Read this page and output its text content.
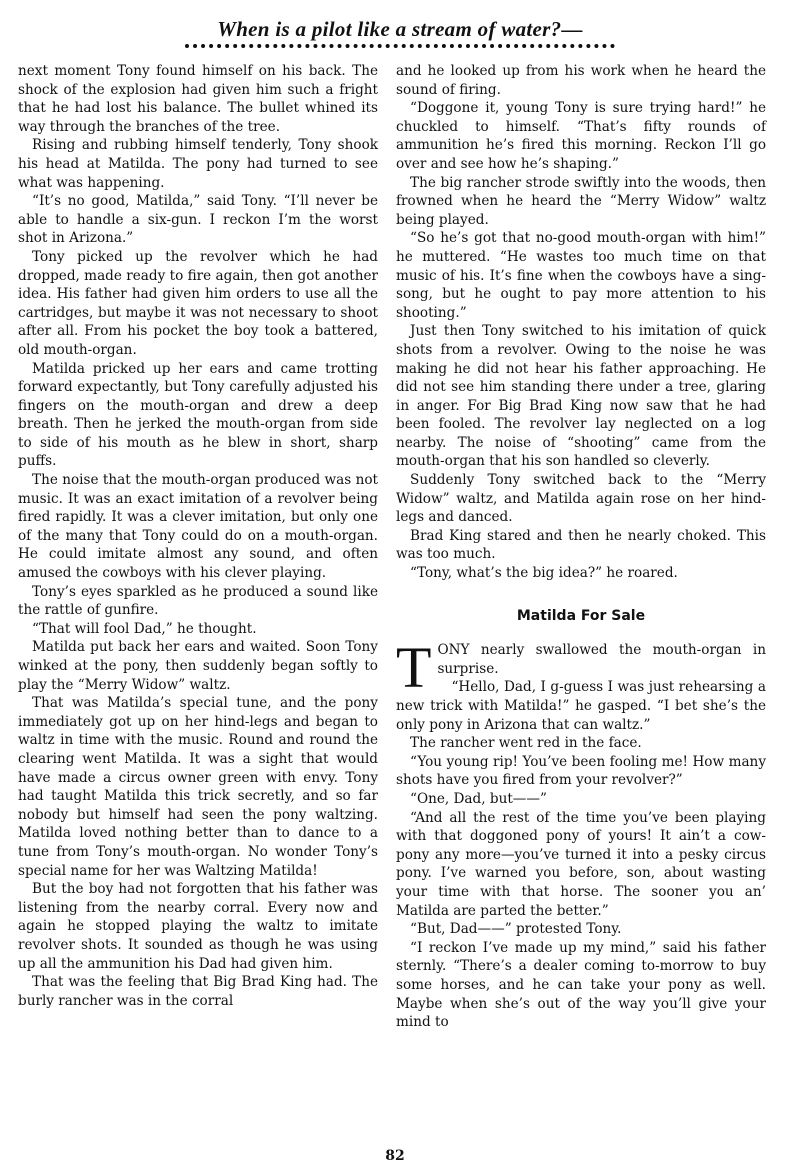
When is a pilot like a stream of water?—

next moment Tony found himself on his back. The shock of the explosion had given him such a fright that he had lost his balance. The bullet whined its way through the branches of the tree.

Rising and rubbing himself tenderly, Tony shook his head at Matilda. The pony had turned to see what was happening.

“It’s no good, Matilda,” said Tony. “I’ll never be able to handle a six-gun. I reckon I’m the worst shot in Arizona.”

Tony picked up the revolver which he had dropped, made ready to fire again, then got another idea. His father had given him orders to use all the cartridges, but maybe it was not necessary to shoot after all. From his pocket the boy took a battered, old mouth-organ.

Matilda pricked up her ears and came trotting forward expectantly, but Tony carefully adjusted his fingers on the mouth-organ and drew a deep breath. Then he jerked the mouth-organ from side to side of his mouth as he blew in short, sharp puffs.

The noise that the mouth-organ produced was not music. It was an exact imitation of a revolver being fired rapidly. It was a clever imitation, but only one of the many that Tony could do on a mouth-organ. He could imitate almost any sound, and often amused the cowboys with his clever playing.

Tony’s eyes sparkled as he produced a sound like the rattle of gunfire.

“That will fool Dad,” he thought.

Matilda put back her ears and waited. Soon Tony winked at the pony, then suddenly began softly to play the “Merry Widow” waltz.

That was Matilda’s special tune, and the pony immediately got up on her hind-legs and began to waltz in time with the music. Round and round the clearing went Matilda. It was a sight that would have made a circus owner green with envy. Tony had taught Matilda this trick secretly, and so far nobody but himself had seen the pony waltzing. Matilda loved nothing better than to dance to a tune from Tony’s mouth-organ. No wonder Tony’s special name for her was Waltzing Matilda!

But the boy had not forgotten that his father was listening from the nearby corral. Every now and again he stopped playing the waltz to imitate revolver shots. It sounded as though he was using up all the ammunition his Dad had given him.

That was the feeling that Big Brad King had. The burly rancher was in the corral

and he looked up from his work when he heard the sound of firing.

“Doggone it, young Tony is sure trying hard!” he chuckled to himself. “That’s fifty rounds of ammunition he’s fired this morning. Reckon I’ll go over and see how he’s shaping.”

The big rancher strode swiftly into the woods, then frowned when he heard the “Merry Widow” waltz being played.

“So he’s got that no-good mouth-organ with him!” he muttered. “He wastes too much time on that music of his. It’s fine when the cowboys have a sing-song, but he ought to pay more attention to his shooting.”

Just then Tony switched to his imitation of quick shots from a revolver. Owing to the noise he was making he did not hear his father approaching. He did not see him standing there under a tree, glaring in anger. For Big Brad King now saw that he had been fooled. The revolver lay neglected on a log nearby. The noise of “shooting” came from the mouth-organ that his son handled so cleverly.

Suddenly Tony switched back to the “Merry Widow” waltz, and Matilda again rose on her hind-legs and danced.

Brad King stared and then he nearly choked. This was too much.

“Tony, what’s the big idea?” he roared.

Matilda For Sale

TONY nearly swallowed the mouth-organ in surprise.

“Hello, Dad, I g-guess I was just rehearsing a new trick with Matilda!” he gasped. “I bet she’s the only pony in Arizona that can waltz.”

The rancher went red in the face.

“You young rip! You’ve been fooling me! How many shots have you fired from your revolver?”

“One, Dad, but——”

“And all the rest of the time you’ve been playing with that doggoned pony of yours! It ain’t a cow-pony any more—you’ve turned it into a pesky circus pony. I’ve warned you before, son, about wasting your time with that horse. The sooner you an’ Matilda are parted the better.”

“But, Dad——” protested Tony.

“I reckon I’ve made up my mind,” said his father sternly. “There’s a dealer coming to-morrow to buy some horses, and he can take your pony as well. Maybe when she’s out of the way you’ll give your mind to

82
